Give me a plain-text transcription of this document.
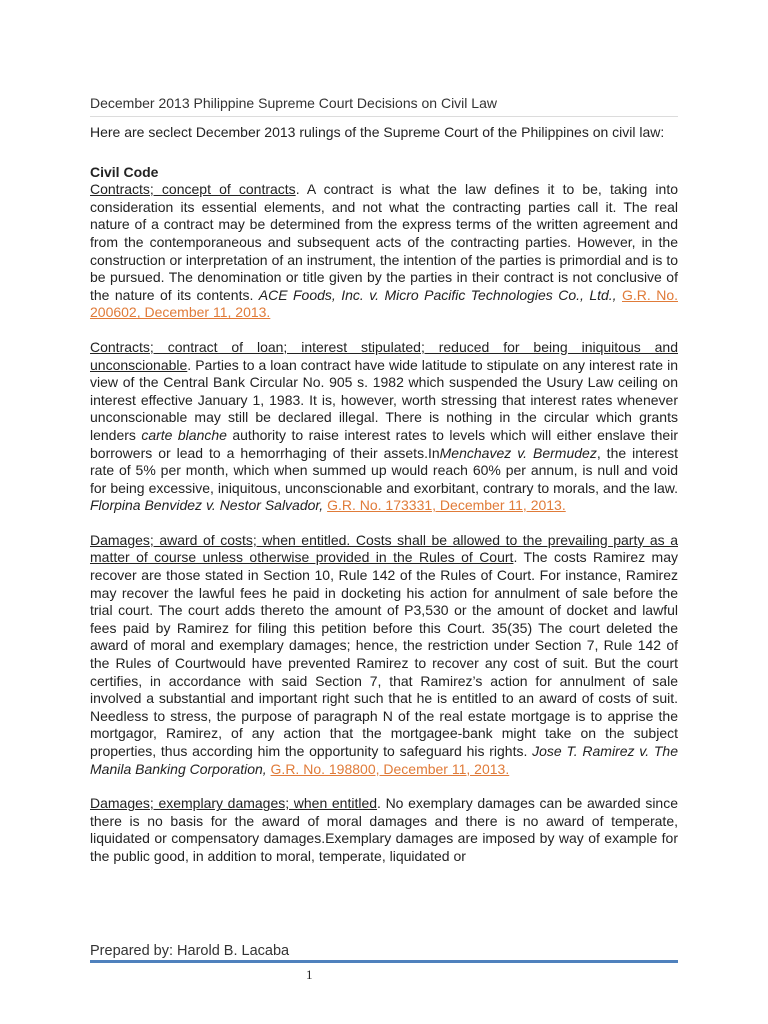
December 2013 Philippine Supreme Court Decisions on Civil Law

Here are seclect December 2013 rulings of the Supreme Court of the Philippines on civil law:

Civil Code

Contracts; concept of contracts. A contract is what the law defines it to be, taking into consideration its essential elements, and not what the contracting parties call it. The real nature of a contract may be determined from the express terms of the written agreement and from the contemporaneous and subsequent acts of the contracting parties. However, in the construction or interpretation of an instrument, the intention of the parties is primordial and is to be pursued. The denomination or title given by the parties in their contract is not conclusive of the nature of its contents. ACE Foods, Inc. v. Micro Pacific Technologies Co., Ltd., G.R. No. 200602, December 11, 2013.

Contracts; contract of loan; interest stipulated; reduced for being iniquitous and unconscionable. Parties to a loan contract have wide latitude to stipulate on any interest rate in view of the Central Bank Circular No. 905 s. 1982 which suspended the Usury Law ceiling on interest effective January 1, 1983. It is, however, worth stressing that interest rates whenever unconscionable may still be declared illegal. There is nothing in the circular which grants lenders carte blanche authority to raise interest rates to levels which will either enslave their borrowers or lead to a hemorrhaging of their assets.InMenchavez v. Bermudez, the interest rate of 5% per month, which when summed up would reach 60% per annum, is null and void for being excessive, iniquitous, unconscionable and exorbitant, contrary to morals, and the law. Florpina Benvidez v. Nestor Salvador, G.R. No. 173331, December 11, 2013.

Damages; award of costs; when entitled. Costs shall be allowed to the prevailing party as a matter of course unless otherwise provided in the Rules of Court. The costs Ramirez may recover are those stated in Section 10, Rule 142 of the Rules of Court. For instance, Ramirez may recover the lawful fees he paid in docketing his action for annulment of sale before the trial court. The court adds thereto the amount of P3,530 or the amount of docket and lawful fees paid by Ramirez for filing this petition before this Court. 35(35) The court deleted the award of moral and exemplary damages; hence, the restriction under Section 7, Rule 142 of the Rules of Courtwould have prevented Ramirez to recover any cost of suit. But the court certifies, in accordance with said Section 7, that Ramirez’s action for annulment of sale involved a substantial and important right such that he is entitled to an award of costs of suit. Needless to stress, the purpose of paragraph N of the real estate mortgage is to apprise the mortgagor, Ramirez, of any action that the mortgagee-bank might take on the subject properties, thus according him the opportunity to safeguard his rights. Jose T. Ramirez v. The Manila Banking Corporation, G.R. No. 198800, December 11, 2013.

Damages; exemplary damages; when entitled. No exemplary damages can be awarded since there is no basis for the award of moral damages and there is no award of temperate, liquidated or compensatory damages.Exemplary damages are imposed by way of example for the public good, in addition to moral, temperate, liquidated or

Prepared by: Harold B. Lacaba
1
